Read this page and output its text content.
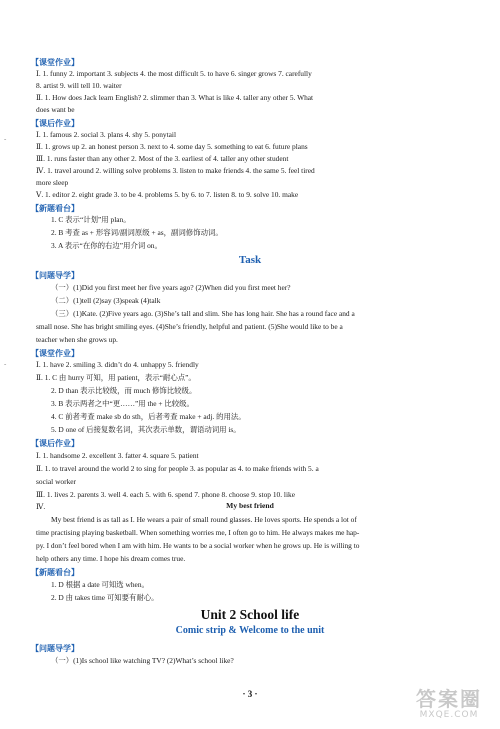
-
-
【课堂作业】
Ⅰ. 1. funny 2. important 3. subjects 4. the most difficult 5. to have 6. singer grows 7. carefully
8. artist 9. will tell 10. waiter
Ⅱ. 1. How does Jack learn English? 2. slimmer than 3. What is like 4. taller any other 5. What
does want be
【课后作业】
Ⅰ. 1. famous 2. social 3. plans 4. shy 5. ponytail
Ⅱ. 1. grows up 2. an honest person 3. next to 4. some day 5. something to eat 6. future plans
Ⅲ. 1. runs faster than any other 2. Most of the 3. earliest of 4. taller any other student
Ⅳ. 1. travel around 2. willing solve problems 3. listen to make friends 4. the same 5. feel tired
more sleep
Ⅴ. 1. editor 2. eight grade 3. to be 4. problems 5. by 6. to 7. listen 8. to 9. solve 10. make
【新题看台】
1. C 表示“计划”用 plan。
2. B 考查 as + 形容词/副词原级 + as，副词修饰动词。
3. A 表示“在你的右边”用介词 on。
Task
【问题导学】
（一）(1)Did you first meet her five years ago? (2)When did you first meet her?
（二）(1)tell (2)say (3)speak (4)talk
（三）(1)Kate. (2)Five years ago. (3)She’s tall and slim. She has long hair. She has a round face and a
small nose. She has bright smiling eyes. (4)She’s friendly, helpful and patient. (5)She would like to be a
teacher when she grows up.
【课堂作业】
Ⅰ. 1. have 2. smiling 3. didn’t do 4. unhappy 5. friendly
Ⅱ. 1. C 由 hurry 可知，用 patient，表示“耐心点”。
2. D than 表示比较级，而 much 修饰比较级。
3. B 表示两者之中“更……”用 the + 比较级。
4. C 前者考查 make sb do sth，后者考查 make + adj. 的用法。
5. D one of 后接复数名词，其次表示单数，谓语动词用 is。
【课后作业】
Ⅰ. 1. handsome 2. excellent 3. fatter 4. square 5. patient
Ⅱ. 1. to travel around the world 2 to sing for people 3. as popular as 4. to make friends with 5. a
social worker
Ⅲ. 1. lives 2. parents 3. well 4. each 5. with 6. spend 7. phone 8. choose 9. stop 10. like
Ⅳ.	My best friend
My best friend is as tall as I. He wears a pair of small round glasses. He loves sports. He spends a lot of
time practising playing basketball. When something worries me, I often go to him. He always makes me hap-
py. I don’t feel bored when I am with him. He wants to be a social worker when he grows up. He is willing to
help others any time. I hope his dream comes true.
【新题看台】
1. D 根据 a date 可知选 when。
2. D 由 takes time 可知要有耐心。
Unit 2 School life
Comic strip & Welcome to the unit
【问题导学】
（一）(1)Is school like watching TV? (2)What’s school like?
· 3 ·	答案圈
MXQE.COM
